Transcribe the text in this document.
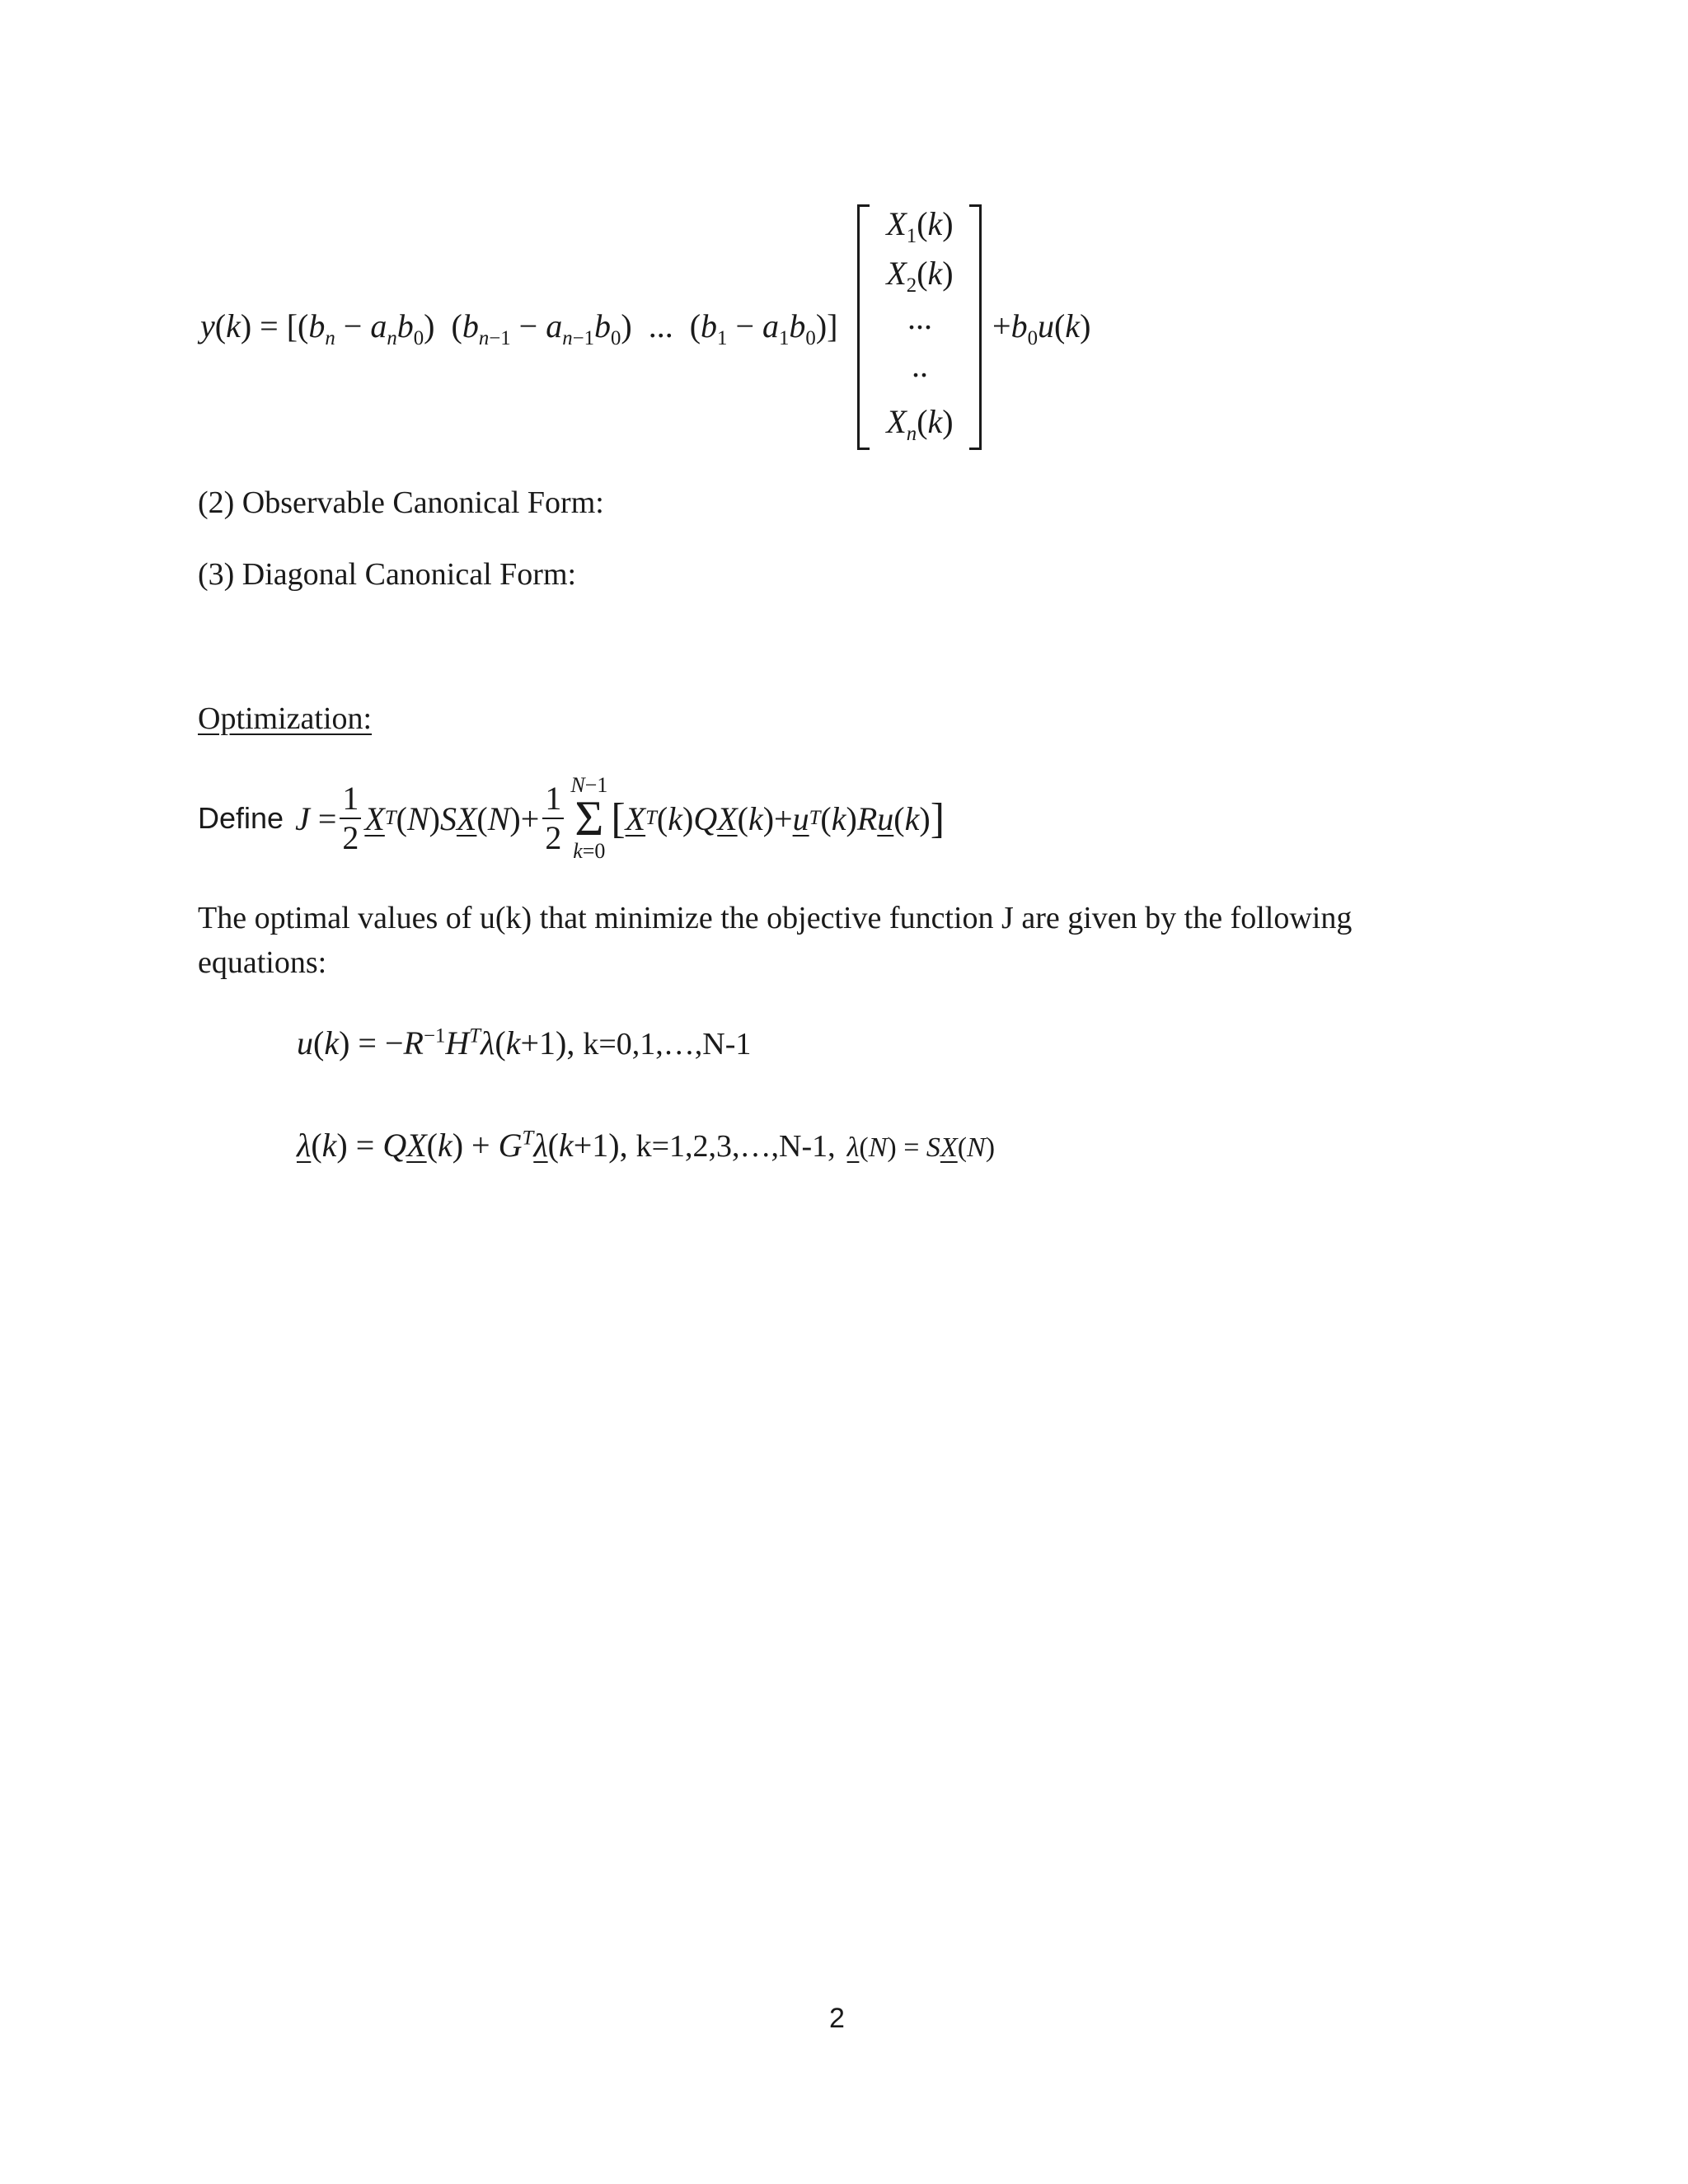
$y(k) = [(b_n - a_nb_0) (b_{n-1} - a_{n-1}b_0)$ ... $(b_1 - a_1b_0)$]
$X_1(k)$
$X_2(k)$
...
..
$X_n(k)$
$+b_0u(k)$
(2) Observable Canonical Form:
(3) Diagonal Canonical Form:
Optimization:
Define $J = \frac{1}{2}$ X T ( N ) S X ( N )+ $\frac{1}{2} N-1$
Σ
k=0
[ X T ( k ) Q X ( k )+ u T ( k ) R u ( k ) ]
The optimal values of u(k) that minimize the objective function J are given by the following
equations:
$u(k) = -R^{-1}H^T\lambda(k+1)$, k=0,1,…,N-1
$\lambda(k) = QX(k) + G^T\lambda(k+1)$, k=1,2,3,…,N-1, λ(N) = SX(N)
2
